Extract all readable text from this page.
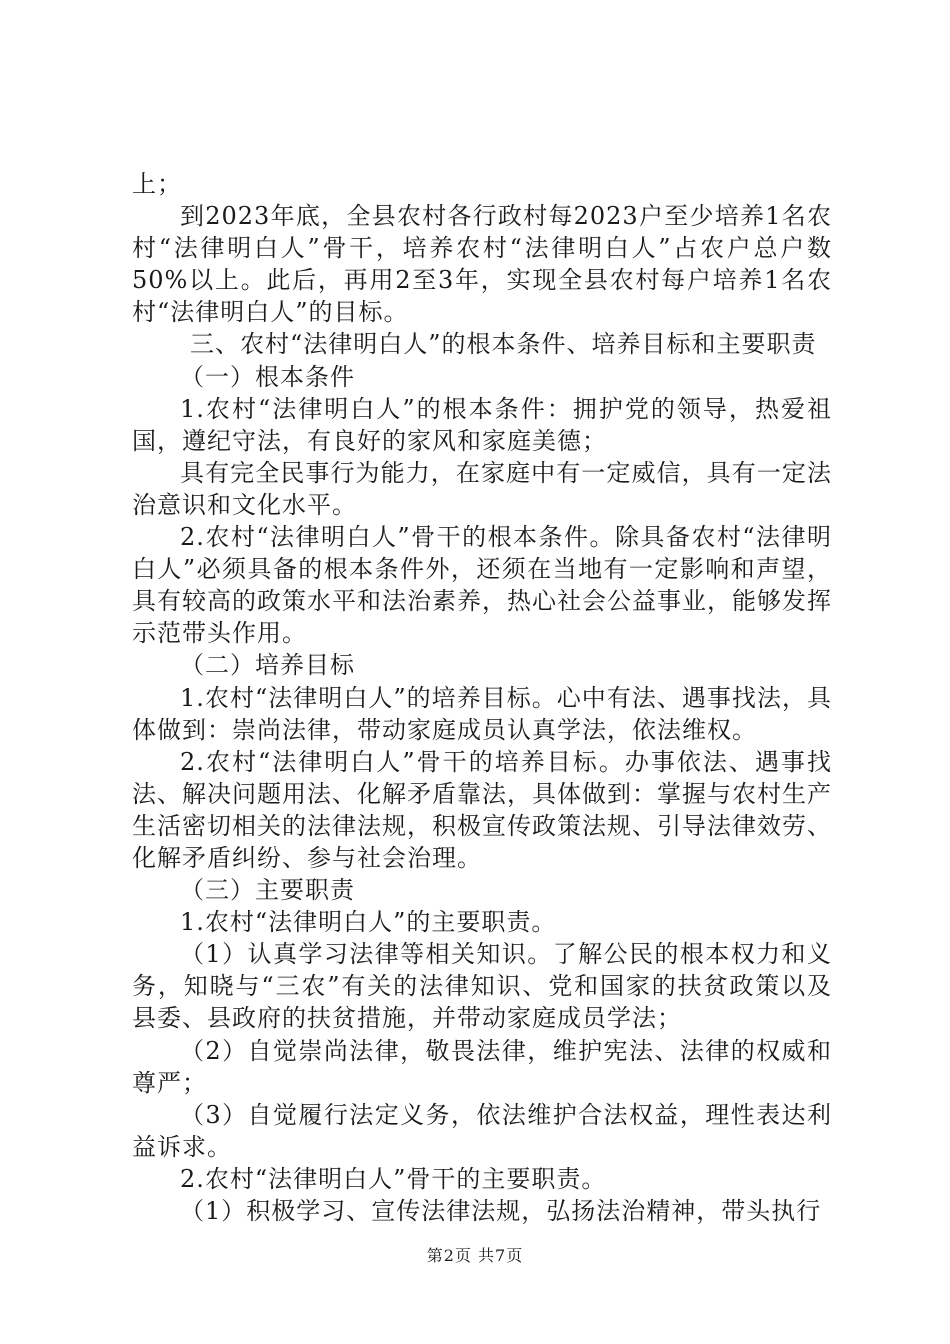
上；

到2023年底，全县农村各行政村每2023户至少培养1名农村“法律明白人”骨干，培养农村“法律明白人”占农户总户数50%以上。此后，再用2至3年，实现全县农村每户培养1名农村“法律明白人”的目标。

三、农村“法律明白人”的根本条件、培养目标和主要职责

（一）根本条件

1.农村“法律明白人”的根本条件：拥护党的领导，热爱祖国，遵纪守法，有良好的家风和家庭美德；

具有完全民事行为能力，在家庭中有一定威信，具有一定法治意识和文化水平。

2.农村“法律明白人”骨干的根本条件。除具备农村“法律明白人”必须具备的根本条件外，还须在当地有一定影响和声望，具有较高的政策水平和法治素养，热心社会公益事业，能够发挥示范带头作用。

（二）培养目标

1.农村“法律明白人”的培养目标。心中有法、遇事找法，具体做到：崇尚法律，带动家庭成员认真学法，依法维权。

2.农村“法律明白人”骨干的培养目标。办事依法、遇事找法、解决问题用法、化解矛盾靠法，具体做到：掌握与农村生产生活密切相关的法律法规，积极宣传政策法规、引导法律效劳、化解矛盾纠纷、参与社会治理。

（三）主要职责

1.农村“法律明白人”的主要职责。

（1）认真学习法律等相关知识。了解公民的根本权力和义务，知晓与“三农”有关的法律知识、党和国家的扶贫政策以及县委、县政府的扶贫措施，并带动家庭成员学法；

（2）自觉崇尚法律，敬畏法律，维护宪法、法律的权威和尊严；

（3）自觉履行法定义务，依法维护合法权益，理性表达利益诉求。

2.农村“法律明白人”骨干的主要职责。

（1）积极学习、宣传法律法规，弘扬法治精神，带头执行

第2页 共7页
